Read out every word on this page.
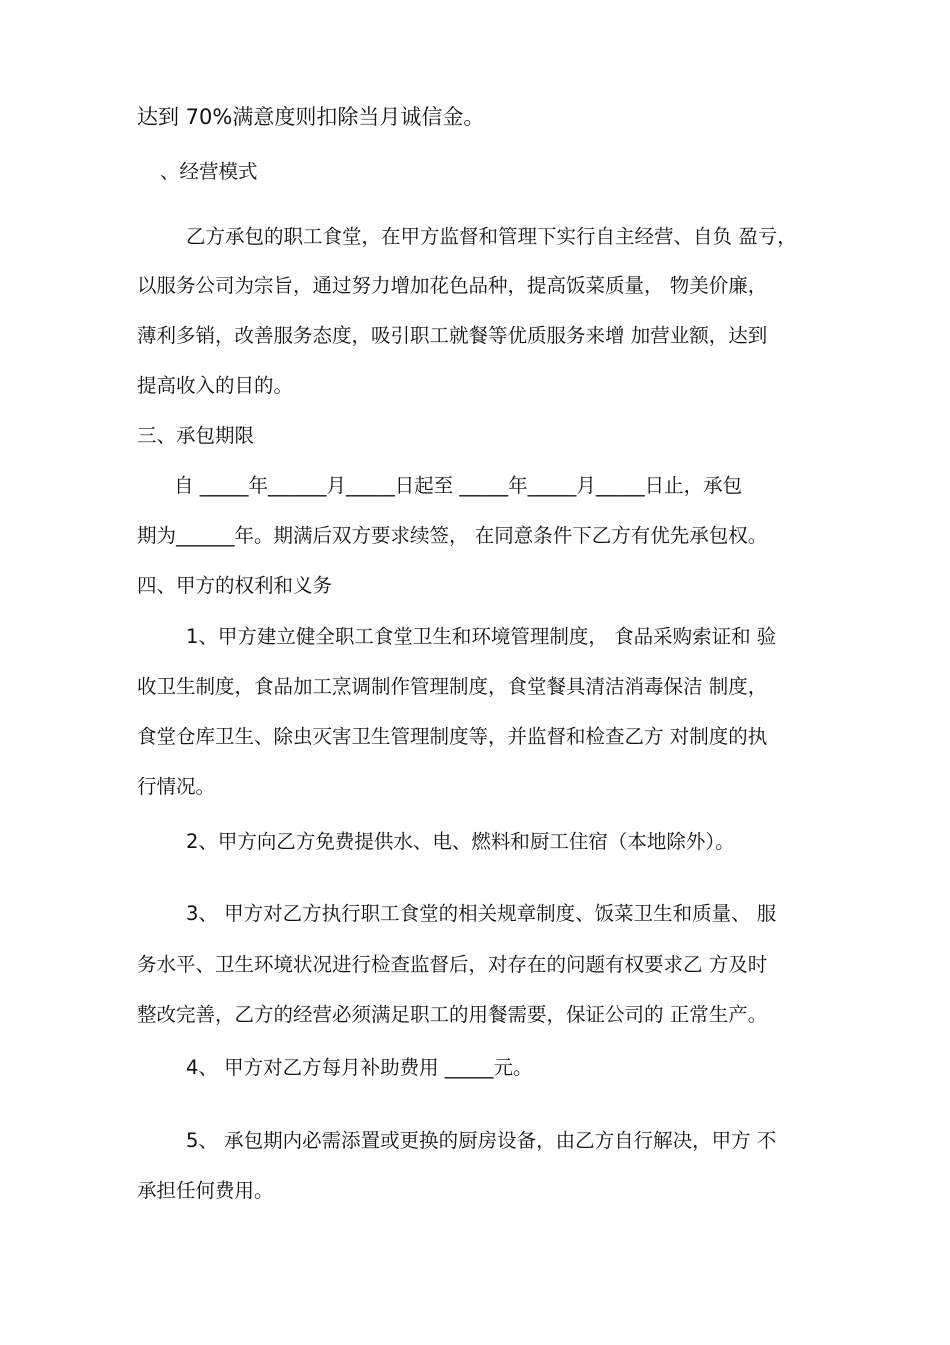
达到 70%满意度则扣除当月诚信金。
、经营模式
乙方承包的职工食堂，在甲方监督和管理下实行自主经营、自负 盈亏，
以服务公司为宗旨，通过努力增加花色品种，提高饭菜质量， 物美价廉，
薄利多销，改善服务态度，吸引职工就餐等优质服务来增 加营业额，达到
提高收入的目的。
三、承包期限
自 _____年______月_____日起至 _____年_____月_____日止，承包
期为______年。期满后双方要求续签， 在同意条件下乙方有优先承包权。
四、甲方的权利和义务
1、甲方建立健全职工食堂卫生和环境管理制度， 食品采购索证和 验
收卫生制度，食品加工烹调制作管理制度，食堂餐具清洁消毒保洁 制度，
食堂仓库卫生、除虫灭害卫生管理制度等，并监督和检查乙方 对制度的执
行情况。
2、甲方向乙方免费提供水、电、燃料和厨工住宿（本地除外）。
3、 甲方对乙方执行职工食堂的相关规章制度、饭菜卫生和质量、 服
务水平、卫生环境状况进行检查监督后，对存在的问题有权要求乙 方及时
整改完善，乙方的经营必须满足职工的用餐需要，保证公司的 正常生产。
4、 甲方对乙方每月补助费用 _____元。
5、 承包期内必需添置或更换的厨房设备，由乙方自行解决，甲方 不
承担任何费用。
